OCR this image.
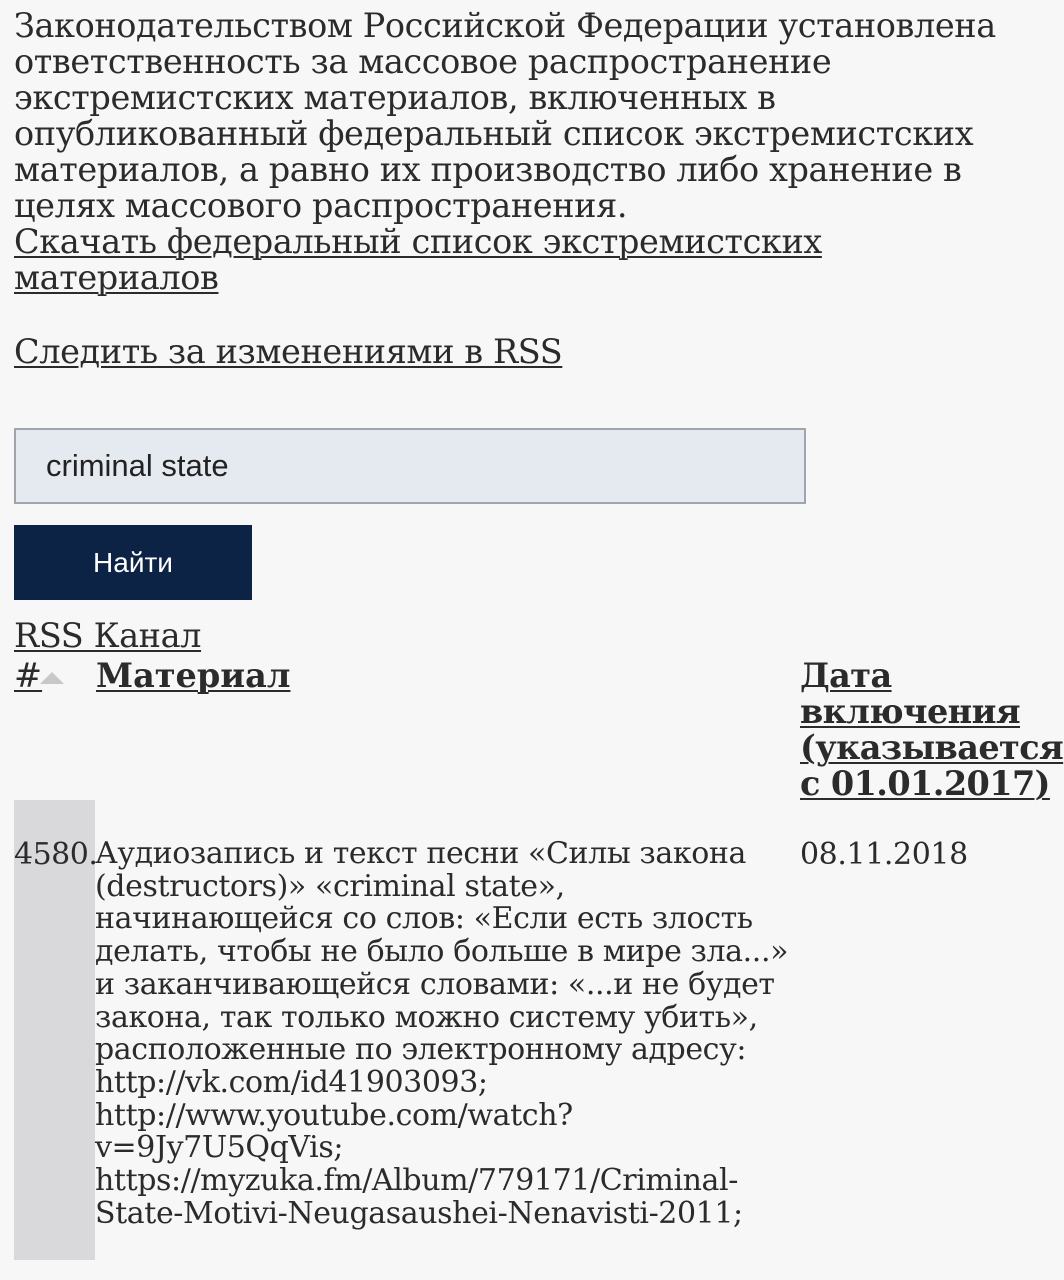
Законодательством Российской Федерации установлена ответственность за массовое распространение экстремистских материалов, включенных в опубликованный федеральный список экстремистских материалов, а равно их производство либо хранение в целях массового распространения.
Скачать федеральный список экстремистских материалов
Следить за изменениями в RSS
criminal state
Найти
RSS Канал
# Материал	Дата включения (указывается с 01.01.2017)
4580.
Аудиозапись и текст песни «Силы закона (destructors)» «criminal state», начинающейся со слов: «Если есть злость делать, чтобы не было больше в мире зла...» и заканчивающейся словами: «...и не будет закона, так только можно систему убить», расположенные по электронному адресу: http://vk.com/id41903093; http://www.youtube.com/watch?v=9Jy7U5QqVis; https://myzuka.fm/Album/779171/Criminal-State-Motivi-Neugasaushei-Nenavisti-2011;
08.11.2018
